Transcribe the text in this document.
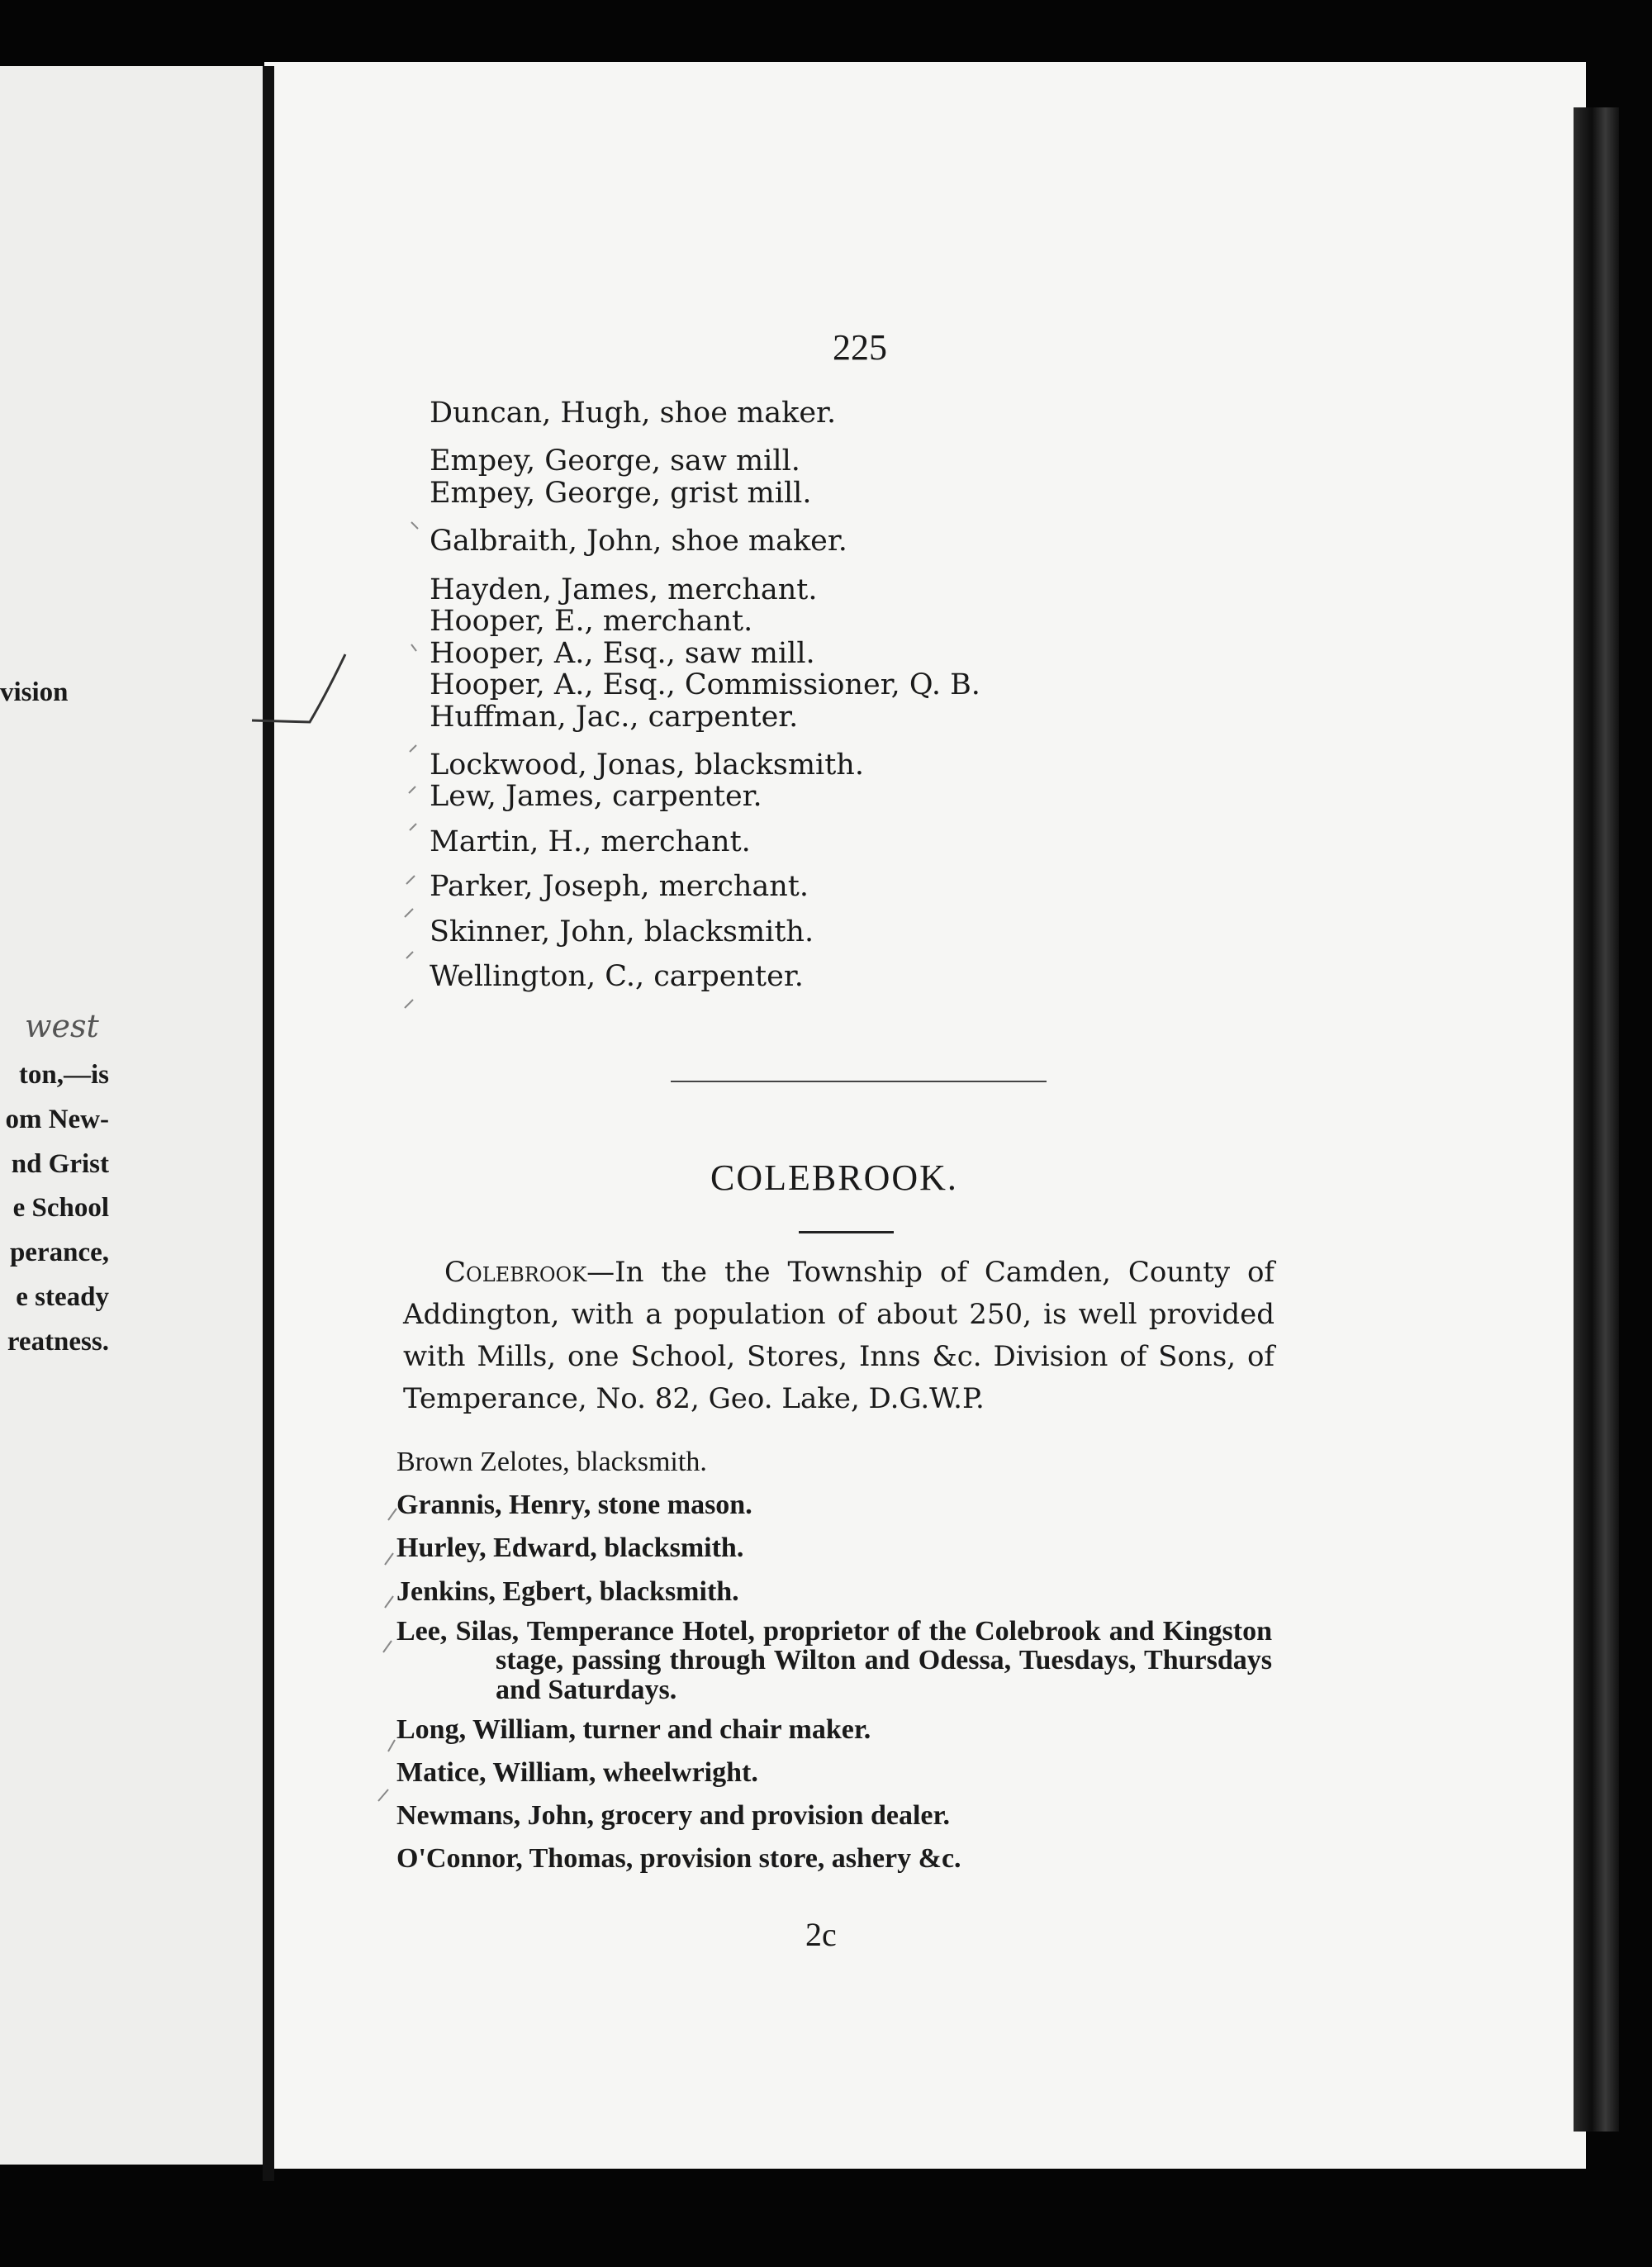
vision
west
ton,—is
om New-
nd Grist
e School
perance,
e steady
reatness.
225

Duncan, Hugh, shoe maker.

Empey, George, saw mill.

Empey, George, grist mill.

Galbraith, John, shoe maker.

Hayden, James, merchant.

Hooper, E., merchant.

Hooper, A., Esq., saw mill.

Hooper, A., Esq., Commissioner, Q. B.

Huffman, Jac., carpenter.

Lockwood, Jonas, blacksmith.

Lew, James, carpenter.

Martin, H., merchant.

Parker, Joseph, merchant.

Skinner, John, blacksmith.

Wellington, C., carpenter.

COLEBROOK.
Colebrook—In the the Township of Camden, County of Addington, with a population of about 250, is well provided with Mills, one School, Stores, Inns &c. Division of Sons, of Temperance, No. 82, Geo. Lake, D.G.W.P.

Brown Zelotes, blacksmith.

Grannis, Henry, stone mason.

Hurley, Edward, blacksmith.

Jenkins, Egbert, blacksmith.

Lee, Silas, Temperance Hotel, proprietor of the Colebrook and Kingston stage, passing through Wilton and Odessa, Tuesdays, Thursdays and Saturdays.

Long, William, turner and chair maker.

Matice, William, wheelwright.

Newmans, John, grocery and provision dealer.

O'Connor, Thomas, provision store, ashery &c.

2c
